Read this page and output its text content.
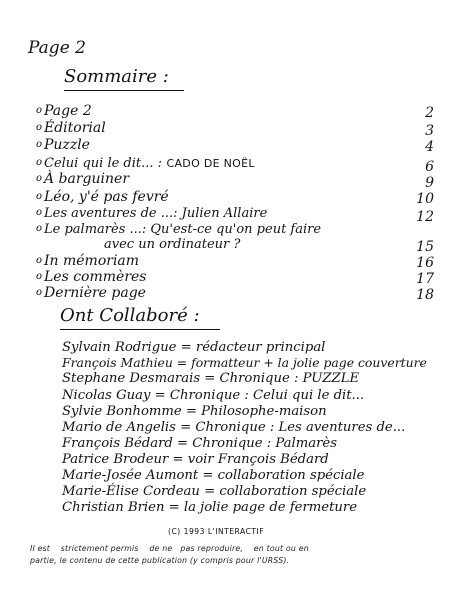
Page 2
Sommaire :
o Page 2	2
o Éditorial	3
o Puzzle	4
o Celui qui le dit... : CADO DE NOËL	6
o À barguiner	9
o Léo, y'é pas fevré	10
o Les aventures de ...: Julien Allaire	12
o Le palmarès ...: Qu'est-ce qu'on peut faire
avec un ordinateur ?	15
o In mémoriam	16
o Les commères	17
o Dernière page	18
Ont Collaboré :
Sylvain Rodrigue = rédacteur principal
François Mathieu = formatteur + la jolie page couverture
Stephane Desmarais = Chronique : PUZZLE
Nicolas Guay = Chronique : Celui qui le dit...
Sylvie Bonhomme = Philosophe-maison
Mario de Angelis = Chronique : Les aventures de...
François Bédard = Chronique : Palmarès
Patrice Brodeur = voir François Bédard
Marie-Josée Aumont = collaboration spéciale
Marie-Élise Cordeau = collaboration spéciale
Christian Brien = la jolie page de fermeture
(C) 1993 L'INTERACTIF
Il est    strictement permis    de ne   pas reproduire,    en tout ou en
partie, le contenu de cette publication (y compris pour l'URSS).
